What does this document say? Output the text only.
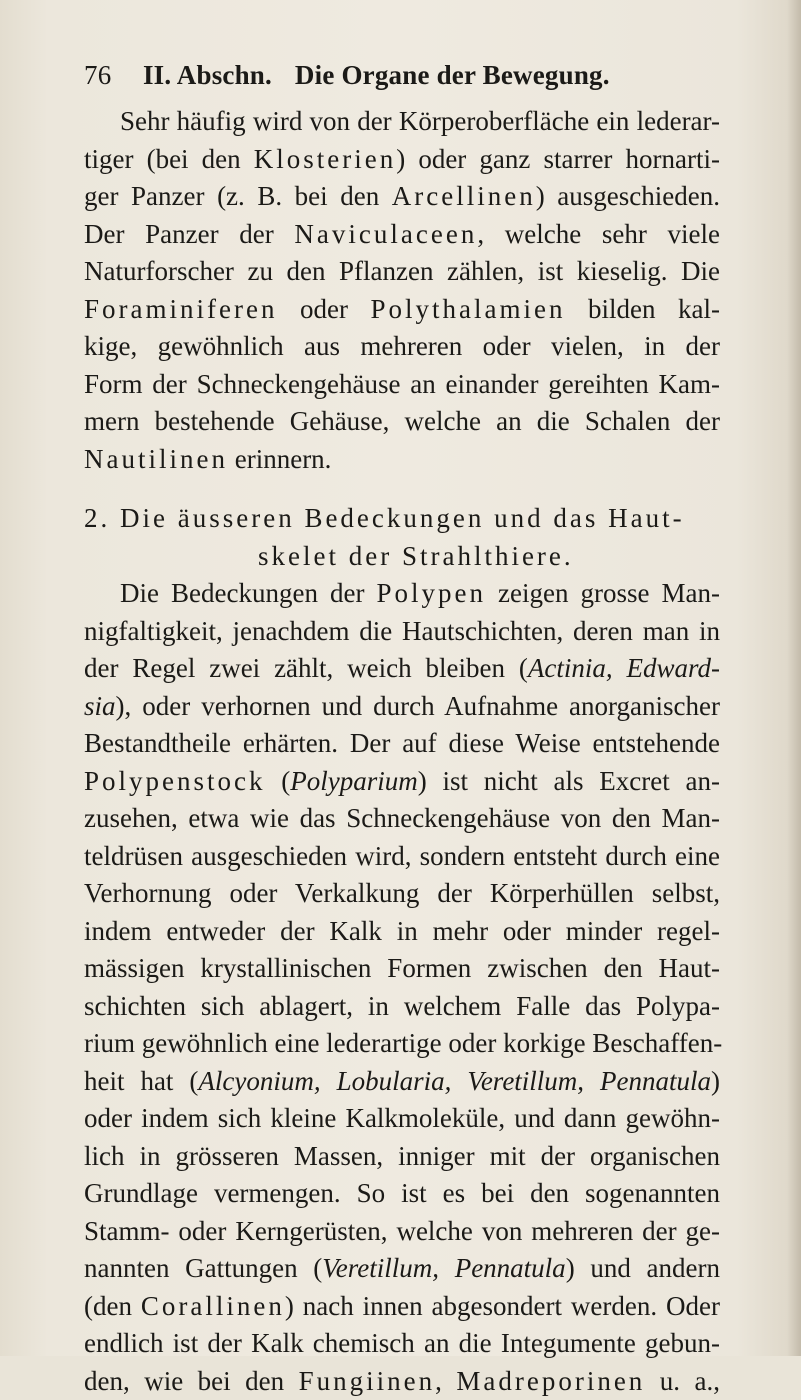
76 II. Abschn. Die Organe der Bewegung.
Sehr häufig wird von der Körperoberfläche ein lederar-
tiger (bei den Klosterien) oder ganz starrer hornarti-
ger Panzer (z. B. bei den Arcellinen) ausgeschieden.
Der Panzer der Naviculaceen, welche sehr viele
Naturforscher zu den Pflanzen zählen, ist kieselig. Die
Foraminiferen oder Polythalamien bilden kal-
kige, gewöhnlich aus mehreren oder vielen, in der
Form der Schneckengehäuse an einander gereihten Kam-
mern bestehende Gehäuse, welche an die Schalen der
Nautilinen erinnern.
2. Die äusseren Bedeckungen und das Haut-
skelet der Strahlthiere.
Die Bedeckungen der Polypen zeigen grosse Man-
nigfaltigkeit, jenachdem die Hautschichten, deren man in
der Regel zwei zählt, weich bleiben (Actinia, Edward-
sia), oder verhornen und durch Aufnahme anorganischer
Bestandtheile erhärten. Der auf diese Weise entstehende
Polypenstock (Polyparium) ist nicht als Excret an-
zusehen, etwa wie das Schneckengehäuse von den Man-
teldrüsen ausgeschieden wird, sondern entsteht durch eine
Verhornung oder Verkalkung der Körperhüllen selbst,
indem entweder der Kalk in mehr oder minder regel-
mässigen krystallinischen Formen zwischen den Haut-
schichten sich ablagert, in welchem Falle das Polypa-
rium gewöhnlich eine lederartige oder korkige Beschaffen-
heit hat (Alcyonium, Lobularia, Veretillum, Pennatula)
oder indem sich kleine Kalkmoleküle, und dann gewöhn-
lich in grösseren Massen, inniger mit der organischen
Grundlage vermengen. So ist es bei den sogenannten
Stamm- oder Kerngerüsten, welche von mehreren der ge-
nannten Gattungen (Veretillum, Pennatula) und andern
(den Corallinen) nach innen abgesondert werden. Oder
endlich ist der Kalk chemisch an die Integumente gebun-
den, wie bei den Fungiinen, Madreporinen u. a.,
